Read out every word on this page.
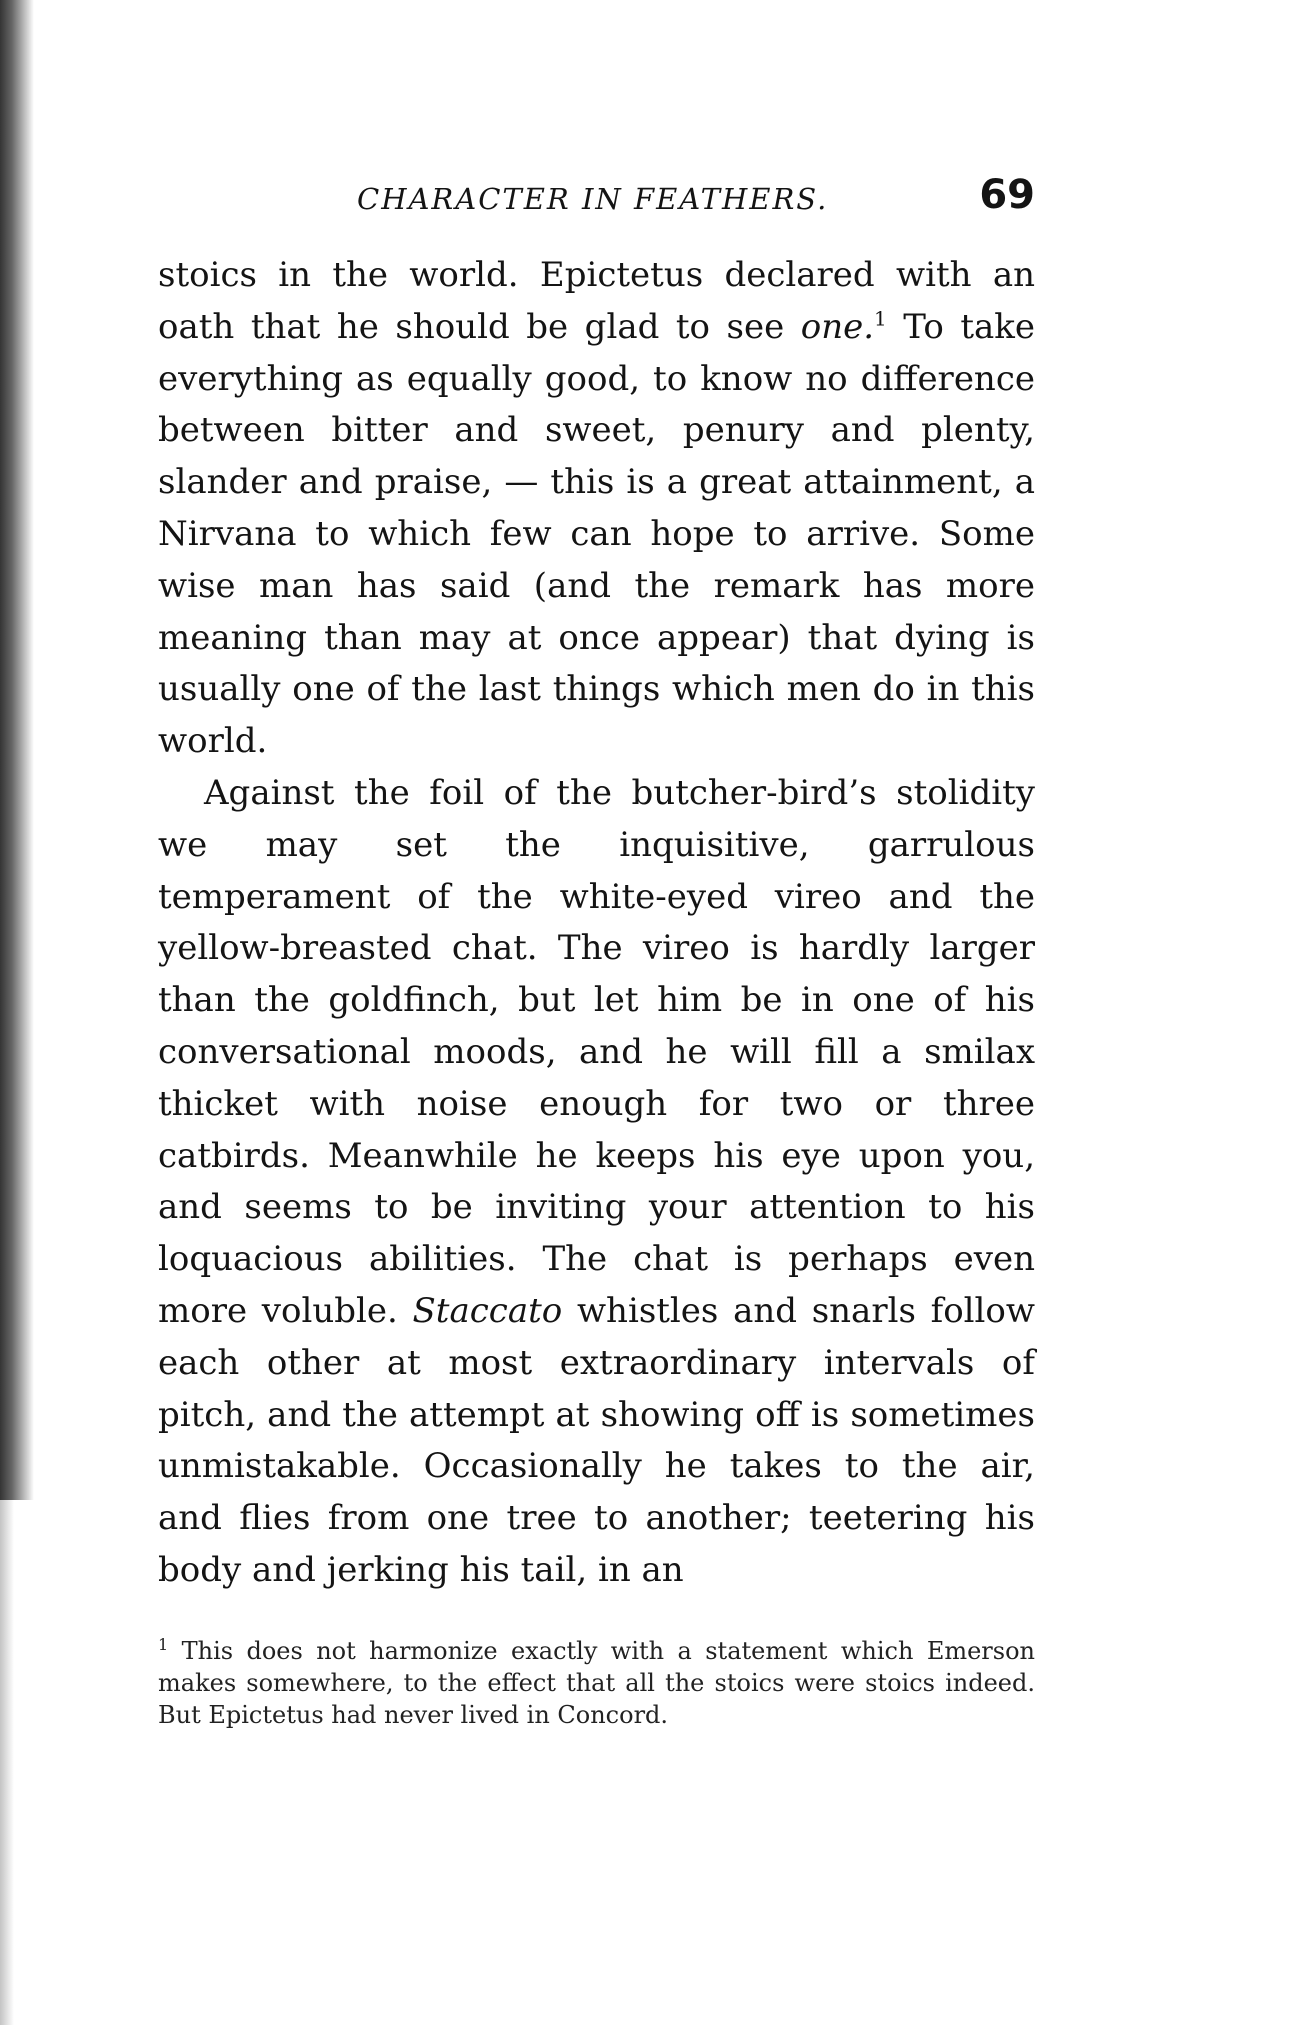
CHARACTER IN FEATHERS.	69

stoics in the world. Epictetus declared with an oath that he should be glad to see one.$^1$ To take everything as equally good, to know no difference between bitter and sweet, penury and plenty, slander and praise, — this is a great attainment, a Nirvana to which few can hope to arrive. Some wise man has said (and the remark has more meaning than may at once appear) that dying is usually one of the last things which men do in this world.

Against the foil of the butcher-bird’s stolidity we may set the inquisitive, garrulous temperament of the white-eyed vireo and the yellow-breasted chat. The vireo is hardly larger than the goldfinch, but let him be in one of his conversational moods, and he will fill a smilax thicket with noise enough for two or three catbirds. Meanwhile he keeps his eye upon you, and seems to be inviting your attention to his loquacious abilities. The chat is perhaps even more voluble. Staccato whistles and snarls follow each other at most extraordinary intervals of pitch, and the attempt at showing off is sometimes unmistakable. Occasionally he takes to the air, and flies from one tree to another; teetering his body and jerking his tail, in an

$^1$ This does not harmonize exactly with a statement which Emerson makes somewhere, to the effect that all the stoics were stoics indeed. But Epictetus had never lived in Concord.
